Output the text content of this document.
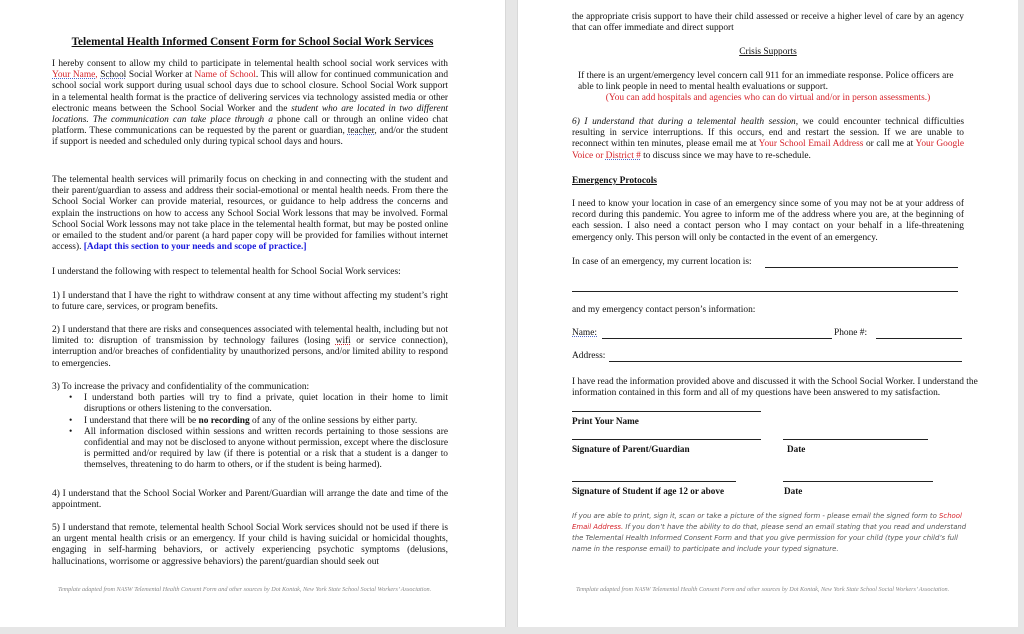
Telemental Health Informed Consent Form for School Social Work Services

I hereby consent to allow my child to participate in telemental health school social work services with Your Name, School Social Worker at Name of School. This will allow for continued communication and school social work support during usual school days due to school closure. School Social Work support in a telemental health format is the practice of delivering services via technology assisted media or other electronic means between the School Social Worker and the student who are located in two different locations. The communication can take place through a phone call or through an online video chat platform. These communications can be requested by the parent or guardian, teacher, and/or the student if support is needed and scheduled only during typical school days and hours.

The telemental health services will primarily focus on checking in and connecting with the student and their parent/guardian to assess and address their social-emotional or mental health needs. From there the School Social Worker can provide material, resources, or guidance to help address the concerns and explain the instructions on how to access any School Social Work lessons that may be involved. Formal School Social Work lessons may not take place in the telemental health format, but may be posted online or emailed to the student and/or parent (a hard paper copy will be provided for families without internet access). [Adapt this section to your needs and scope of practice.]

I understand the following with respect to telemental health for School Social Work services:

1) I understand that I have the right to withdraw consent at any time without affecting my student’s right to future care, services, or program benefits.

2) I understand that there are risks and consequences associated with telemental health, including but not limited to: disruption of transmission by technology failures (losing wifi or service connection), interruption and/or breaches of confidentiality by unauthorized persons, and/or limited ability to respond to emergencies.

3) To increase the privacy and confidentiality of the communication:

• I understand both parties will try to find a private, quiet location in their home to limit disruptions or others listening to the conversation.
• I understand that there will be no recording of any of the online sessions by either party.
• All information disclosed within sessions and written records pertaining to those sessions are confidential and may not be disclosed to anyone without permission, except where the disclosure is permitted and/or required by law (if there is potential or a risk that a student is a danger to themselves, threatening to do harm to others, or if the student is being harmed).

4) I understand that the School Social Worker and Parent/Guardian will arrange the date and time of the appointment.

5) I understand that remote, telemental health School Social Work services should not be used if there is an urgent mental health crisis or an emergency. If your child is having suicidal or homicidal thoughts, engaging in self-harming behaviors, or actively experiencing psychotic symptoms (delusions, hallucinations, worrisome or aggressive behaviors) the parent/guardian should seek out

Template adapted from NASW Telemental Health Consent Form and other sources by Dot Kontak, New York State School Social Workers’ Association.

the appropriate crisis support to have their child assessed or receive a higher level of care by an agency that can offer immediate and direct support

Crisis Supports

If there is an urgent/emergency level concern call 911 for an immediate response. Police officers are able to link people in need to mental health evaluations or support.

(You can add hospitals and agencies who can do virtual and/or in person assessments.)

6) I understand that during a telemental health session, we could encounter technical difficulties resulting in service interruptions. If this occurs, end and restart the session. If we are unable to reconnect within ten minutes, please email me at Your School Email Address or call me at Your Google Voice or District # to discuss since we may have to re-schedule.

Emergency Protocols

I need to know your location in case of an emergency since some of you may not be at your address of record during this pandemic. You agree to inform me of the address where you are, at the beginning of each session. I also need a contact person who I may contact on your behalf in a life-threatening emergency only. This person will only be contacted in the event of an emergency.

In case of an emergency, my current location is:
and my emergency contact person’s information:
Name:	Phone #:
Address:

I have read the information provided above and discussed it with the School Social Worker. I understand the information contained in this form and all of my questions have been answered to my satisfaction.

Print Your Name
Signature of Parent/Guardian	Date
Signature of Student if age 12 or above	Date
If you are able to print, sign it, scan or take a picture of the signed form - please email the signed form to School Email Address. If you don’t have the ability to do that, please send an email stating that you read and understand the Telemental Health Informed Consent Form and that you give permission for your child (type your child’s full name in the response email) to participate and include your typed signature.
Template adapted from NASW Telemental Health Consent Form and other sources by Dot Kontak, New York State School Social Workers’ Association.
